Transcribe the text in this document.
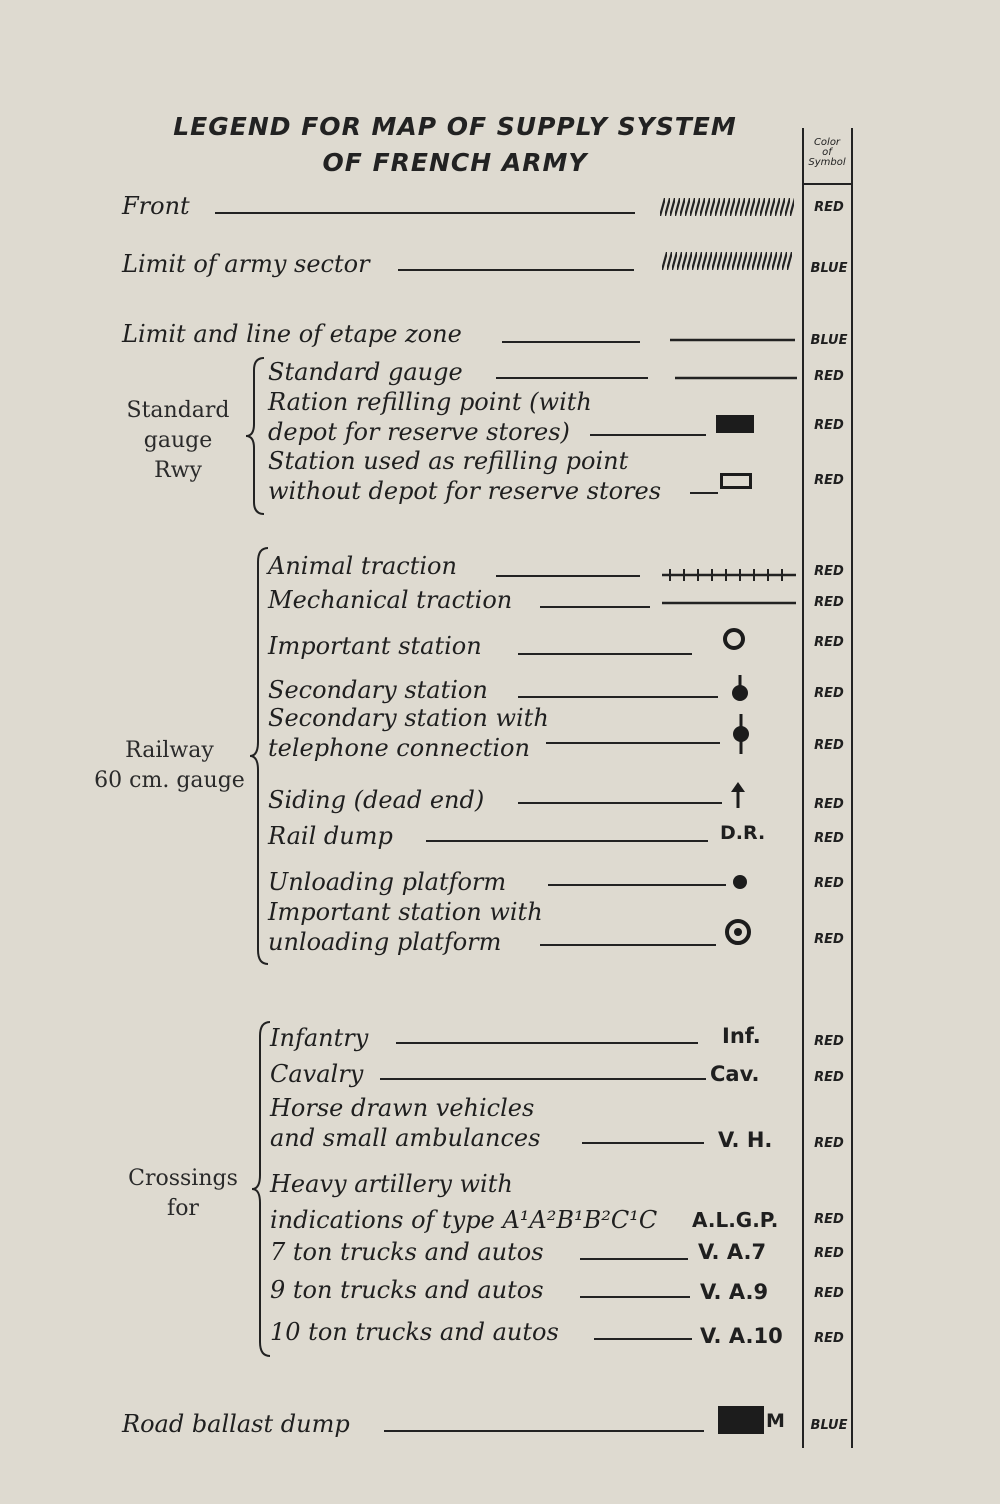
LEGEND FOR MAP OF SUPPLY SYSTEM
OF FRENCH ARMY
Color
of
Symbol
Front	RED
Limit of army sector	BLUE
Limit and line of etape zone	BLUE
Standard
gauge
Rwy
Standard gauge	RED
Ration refilling point (with
depot for reserve stores)	RED
Station used as refilling point
without depot for reserve stores	RED
Railway
60 cm. gauge
Animal traction	RED
Mechanical traction	RED
Important station	RED
Secondary station	RED
Secondary station with
telephone connection	RED
Siding (dead end)	RED
Rail dump	D.R.	RED
Unloading platform	RED
Important station with
unloading platform	RED
Crossings
for
Infantry	Inf.	RED
Cavalry	Cav.	RED
Horse drawn vehicles
and small ambulances	V. H.	RED
Heavy artillery with
indications of type A¹A²B¹B²C¹C A.L.G.P.	RED
7 ton trucks and autos	V. A.7	RED
9 ton trucks and autos	V. A.9	RED
10 ton trucks and autos	V. A.10	RED
Road ballast dump	M	BLUE
